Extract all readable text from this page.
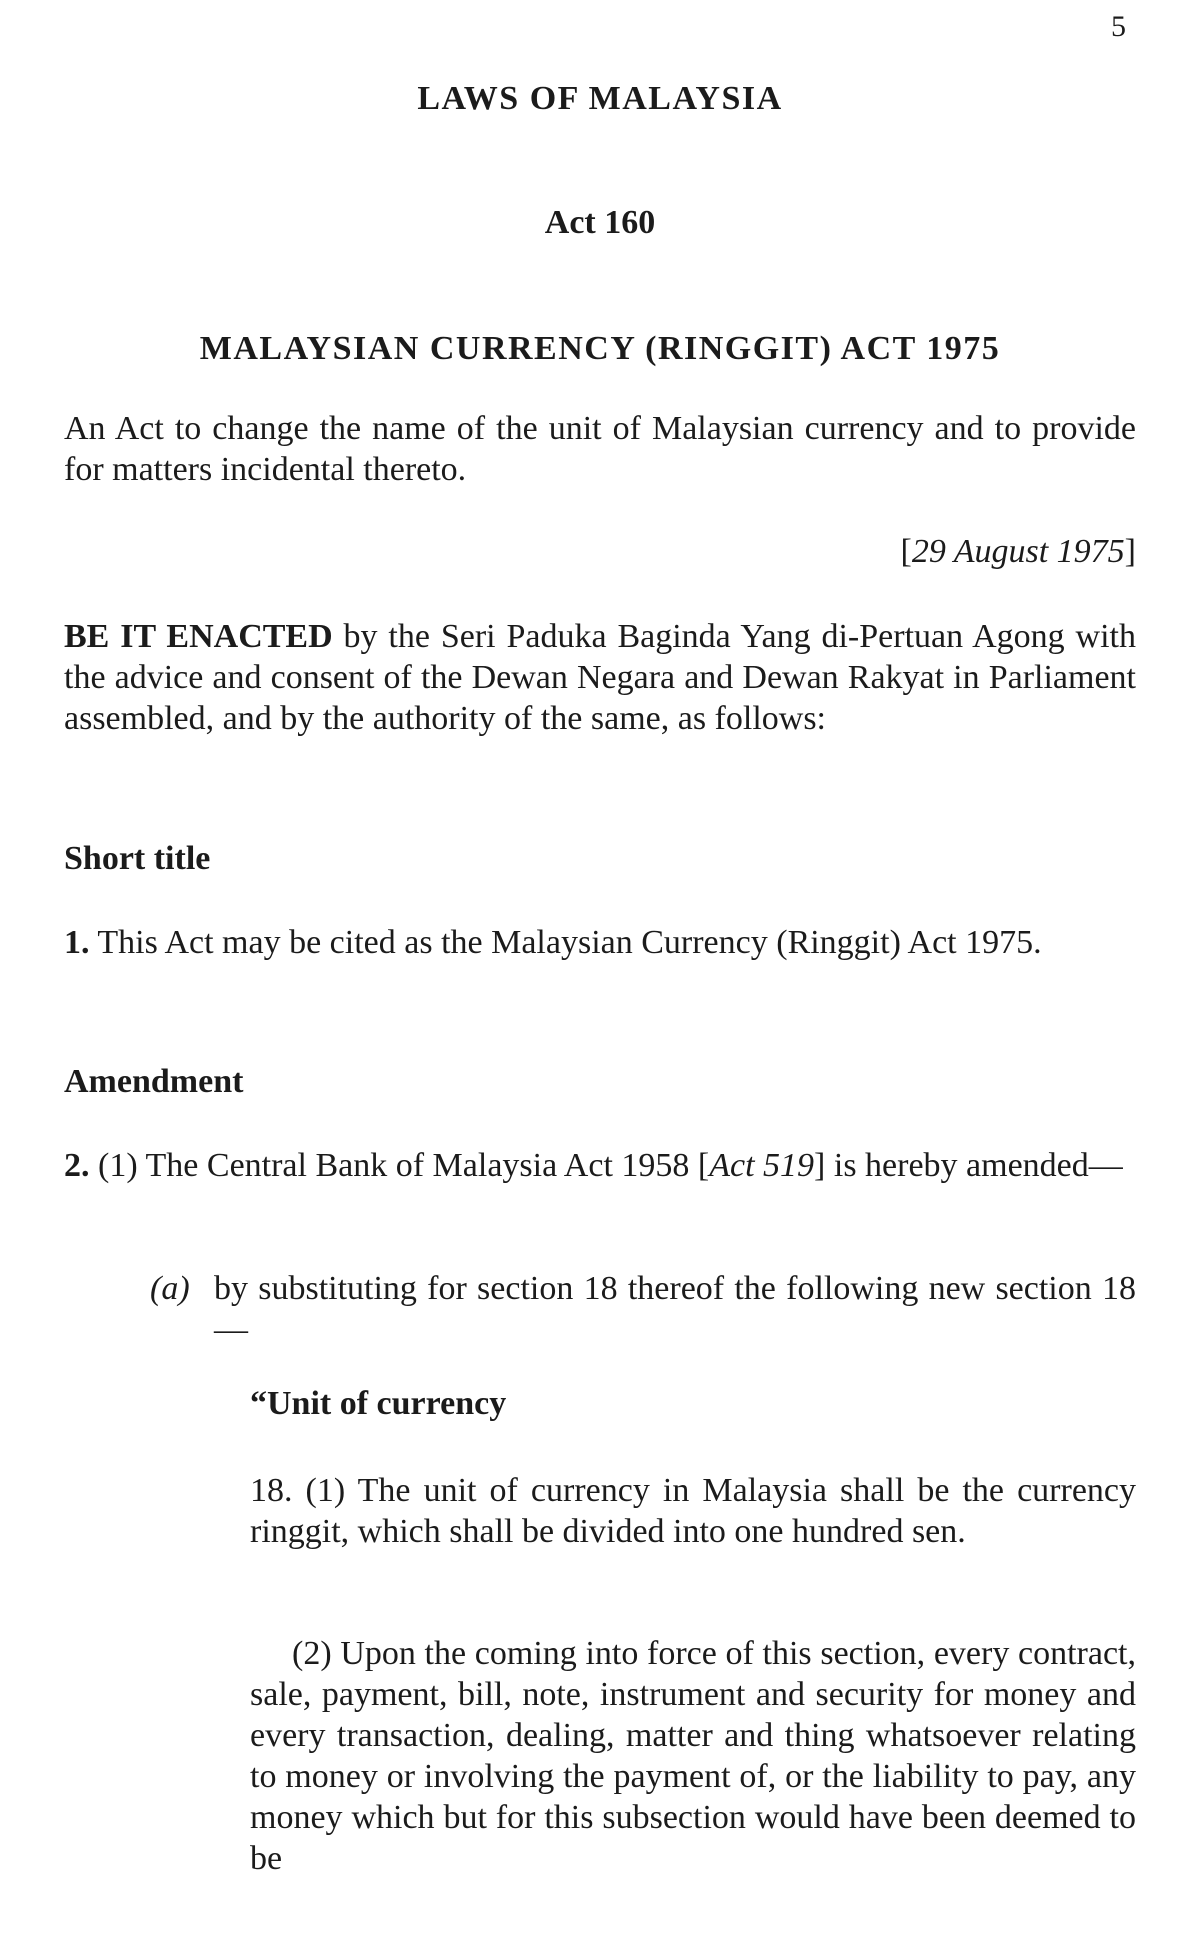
5
LAWS OF MALAYSIA
Act 160
MALAYSIAN CURRENCY (RINGGIT) ACT 1975
An Act to change the name of the unit of Malaysian currency and to provide for matters incidental thereto.
[29 August 1975]
BE IT ENACTED by the Seri Paduka Baginda Yang di-Pertuan Agong with the advice and consent of the Dewan Negara and Dewan Rakyat in Parliament assembled, and by the authority of the same, as follows:
Short title
1. This Act may be cited as the Malaysian Currency (Ringgit) Act 1975.
Amendment
2. (1) The Central Bank of Malaysia Act 1958 [Act 519] is hereby amended—
(a) by substituting for section 18 thereof the following new section 18—
“Unit of currency
18. (1) The unit of currency in Malaysia shall be the currency ringgit, which shall be divided into one hundred sen.
(2) Upon the coming into force of this section, every contract, sale, payment, bill, note, instrument and security for money and every transaction, dealing, matter and thing whatsoever relating to money or involving the payment of, or the liability to pay, any money which but for this subsection would have been deemed to be
